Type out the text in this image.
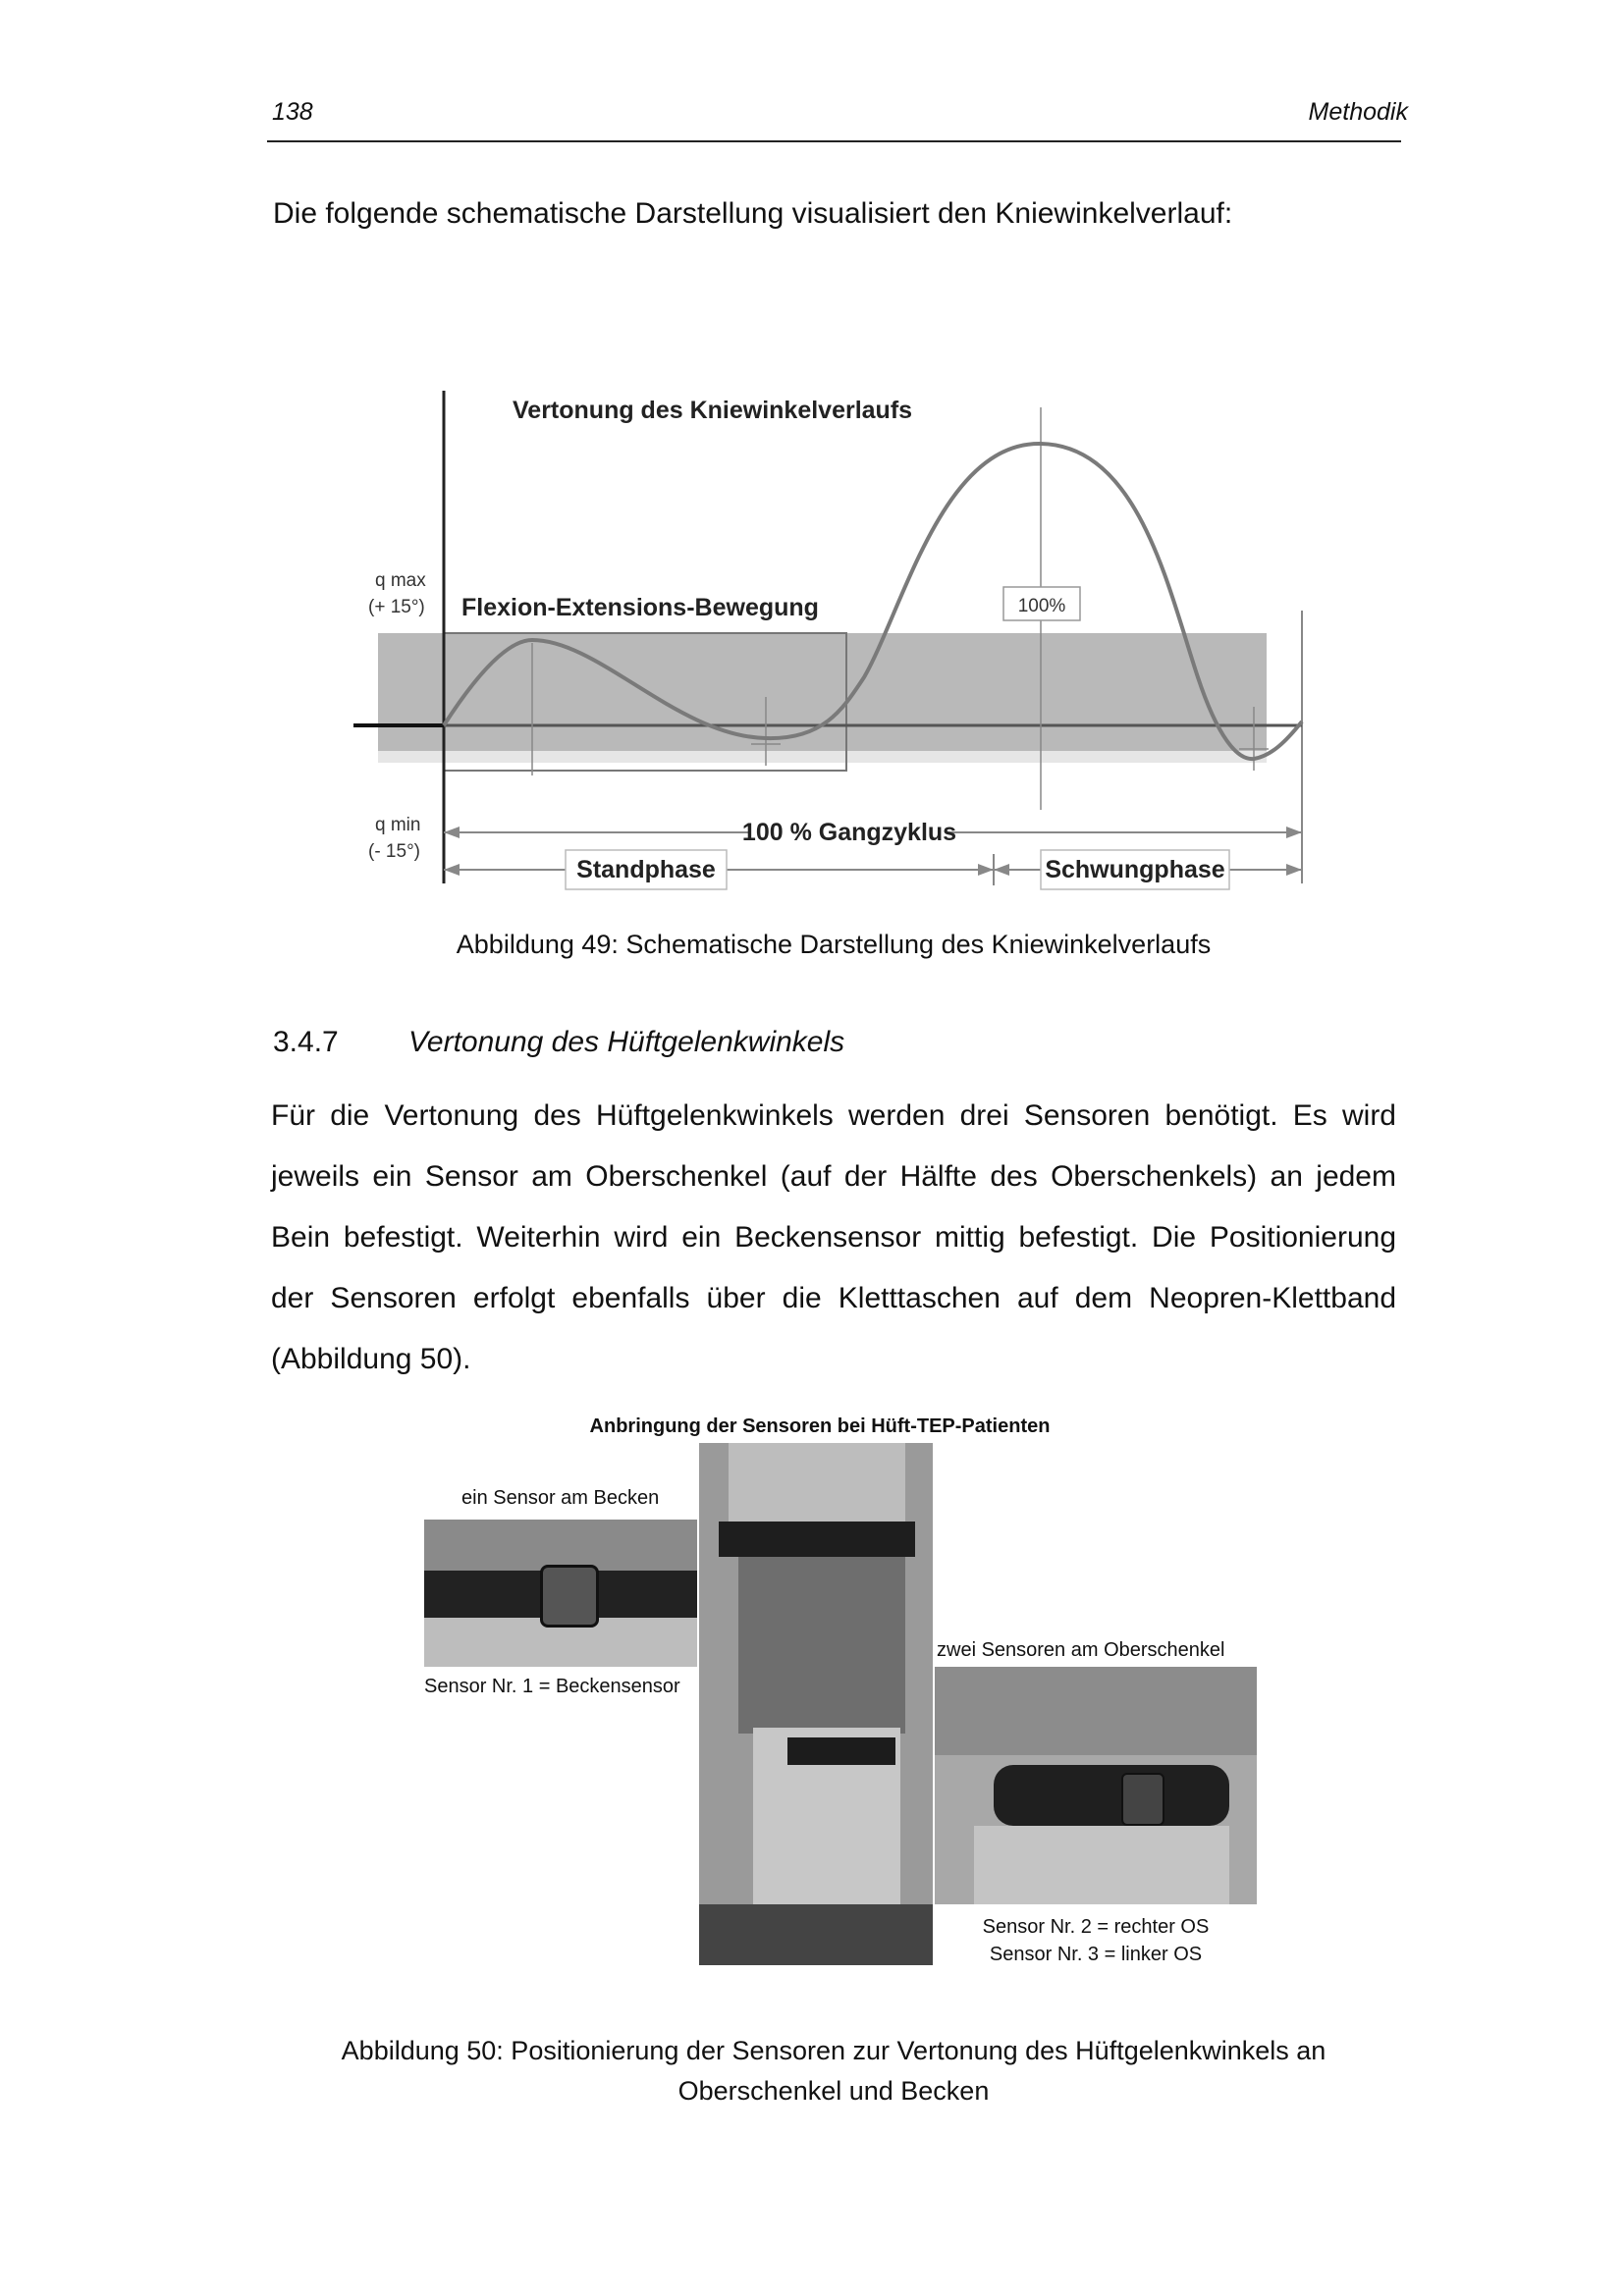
138	Methodik
Die folgende schematische Darstellung visualisiert den Kniewinkelverlauf:
Vertonung des Kniewinkelverlaufs
q max
(+ 15°)
q min
(- 15°)
Flexion-Extensions-Bewegung	100%
100 % Gangzyklus
Standphase	Schwungphase
Abbildung 49: Schematische Darstellung des Kniewinkelverlaufs
3.4.7 Vertonung des Hüftgelenkwinkels
Für die Vertonung des Hüftgelenkwinkels werden drei Sensoren benötigt. Es wird jeweils ein Sensor am Oberschenkel (auf der Hälfte des Oberschenkels) an jedem Bein befestigt. Weiterhin wird ein Beckensensor mittig befestigt. Die Positionierung der Sensoren erfolgt ebenfalls über die Kletttaschen auf dem Neopren-Klettband (Abbildung 50).
Anbringung der Sensoren bei Hüft-TEP-Patienten
ein Sensor am Becken
Sensor Nr. 1 = Beckensensor
zwei Sensoren am Oberschenkel
Sensor Nr. 2 = rechter OS
Sensor Nr. 3 = linker OS
Abbildung 50: Positionierung der Sensoren zur Vertonung des Hüftgelenkwinkels an
Oberschenkel und Becken
